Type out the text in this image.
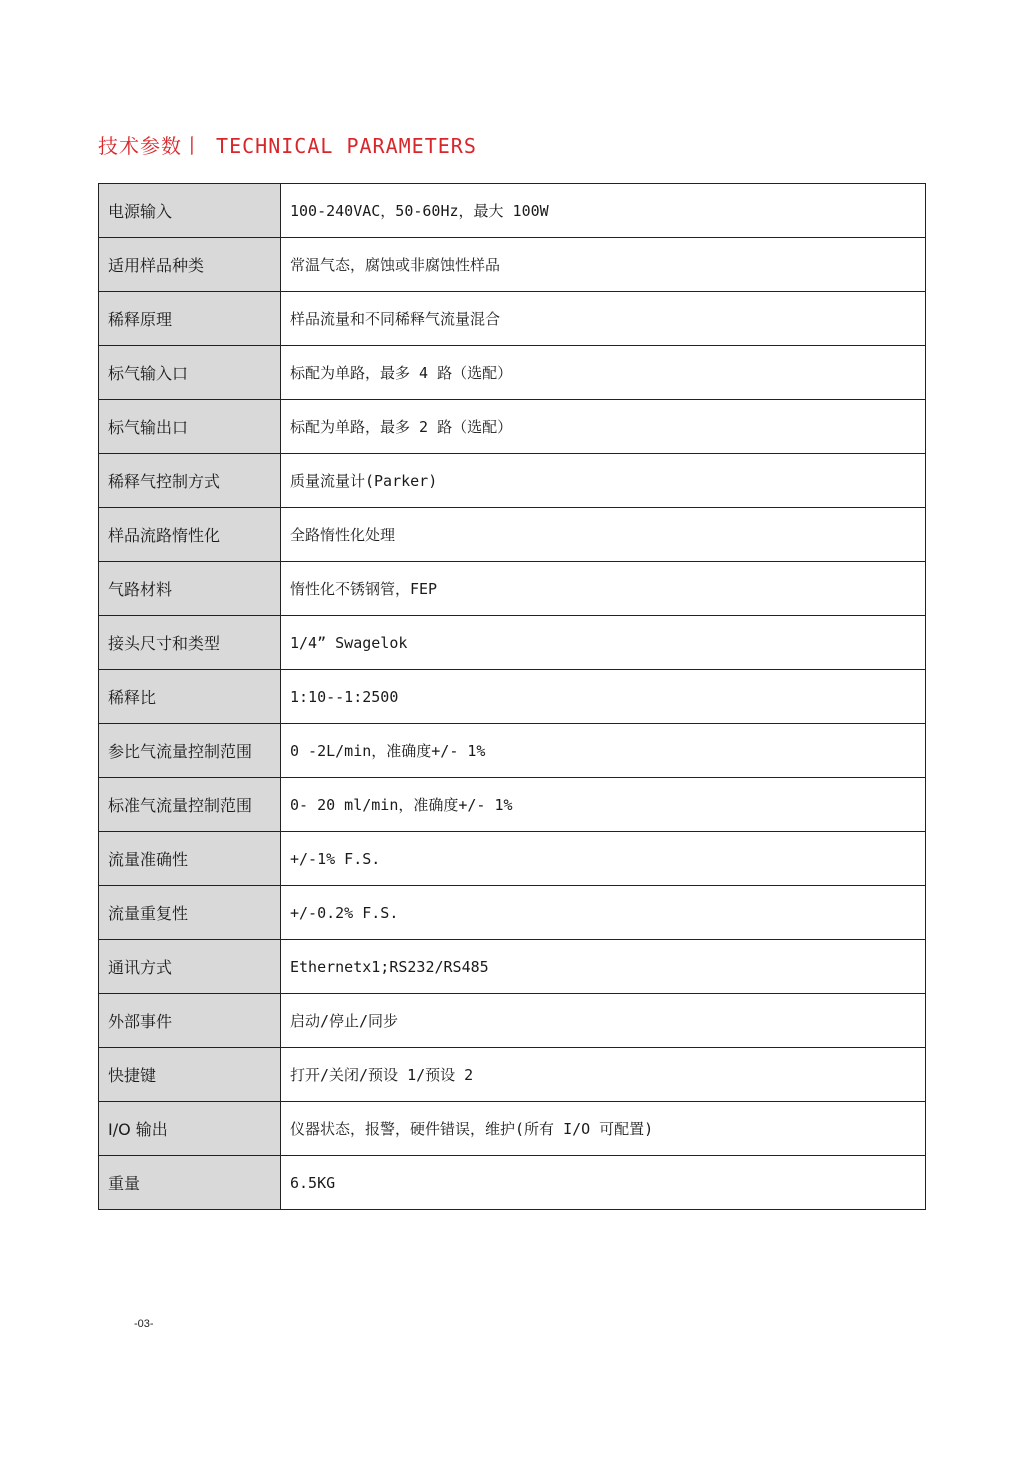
技术参数丨 TECHNICAL PARAMETERS
电源输入	100-240VAC，50-60Hz，最大 100W
适用样品种类	常温气态，腐蚀或非腐蚀性样品
稀释原理	样品流量和不同稀释气流量混合
标气输入口	标配为单路，最多 4 路（选配）
标气输出口	标配为单路，最多 2 路（选配）
稀释气控制方式	质量流量计(Parker)
样品流路惰性化	全路惰性化处理
气路材料	惰性化不锈钢管，FEP
接头尺寸和类型	1/4” Swagelok
稀释比	1:10--1:2500
参比气流量控制范围	0 -2L/min，准确度+/- 1%
标准气流量控制范围	0- 20 ml/min，准确度+/- 1%
流量准确性	+/-1% F.S.
流量重复性	+/-0.2% F.S.
通讯方式	Ethernetx1;RS232/RS485
外部事件	启动/停止/同步
快捷键	打开/关闭/预设 1/预设 2
I/O 输出	仪器状态，报警，硬件错误，维护(所有 I/O 可配置)
重量	6.5KG
-03-
